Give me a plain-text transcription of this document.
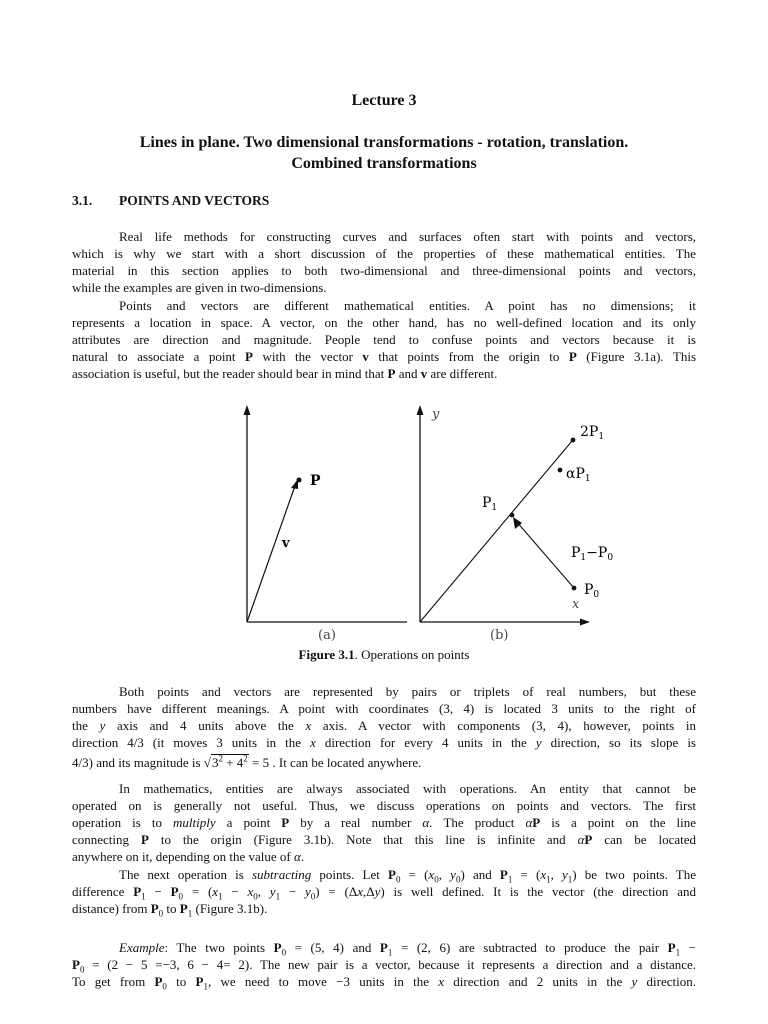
Lecture 3
Lines in plane. Two dimensional transformations - rotation, translation.
Combined transformations
3.1. POINTS AND VECTORS
Real life methods for constructing curves and surfaces often start with points and vectors,
which is why we start with a short discussion of the properties of these mathematical entities. The
material in this section applies to both two-dimensional and three-dimensional points and vectors,
while the examples are given in two-dimensions.
Points and vectors are different mathematical entities. A point has no dimensions; it
represents a location in space. A vector, on the other hand, has no well-defined location and its only
attributes are direction and magnitude. People tend to confuse points and vectors because it is
natural to associate a point P with the vector v that points from the origin to P (Figure 3.1a). This
association is useful, but the reader should bear in mind that P and v are different.
P
v
(a)
y
x
$2P_1$
$\alpha P_1$
$P_1$
$P_1-P_0$
$P_0$
(b)
Figure 3.1. Operations on points
Both points and vectors are represented by pairs or triplets of real numbers, but these
numbers have different meanings. A point with coordinates (3, 4) is located 3 units to the right of
the y axis and 4 units above the x axis. A vector with components (3, 4), however, points in
direction 4/3 (it moves 3 units in the x direction for every 4 units in the y direction, so its slope is
4/3) and its magnitude is $√3^2 + 4^2 = 5$ . It can be located anywhere.
In mathematics, entities are always associated with operations. An entity that cannot be
operated on is generally not useful. Thus, we discuss operations on points and vectors. The first
operation is to multiply a point P by a real number α. The product αP is a point on the line
connecting P to the origin (Figure 3.1b). Note that this line is infinite and αP can be located
anywhere on it, depending on the value of α.
The next operation is subtracting points. Let $P_0 = (x_0$, $y_0$) and $P_1 = (x_1$, $y_1$) be two points. The
difference $P_1 - P_0 = (x_1 - x_0$, $y_1 - y_0) = (\Delta x,\Delta y)$ is well defined. It is the vector (the direction and
distance) from $P_0$ to $P_1$ (Figure 3.1b).
Example: The two points $P_0 = (5$, 4) and $P_1 = (2$, 6) are subtracted to produce the pair $P_1$ −
$P_0 = (2 - 5 =-3$, 6 − 4= 2). The new pair is a vector, because it represents a direction and a distance.
To get from $P_0$ to $P_1$, we need to move −3 units in the x direction and 2 units in the y direction.
